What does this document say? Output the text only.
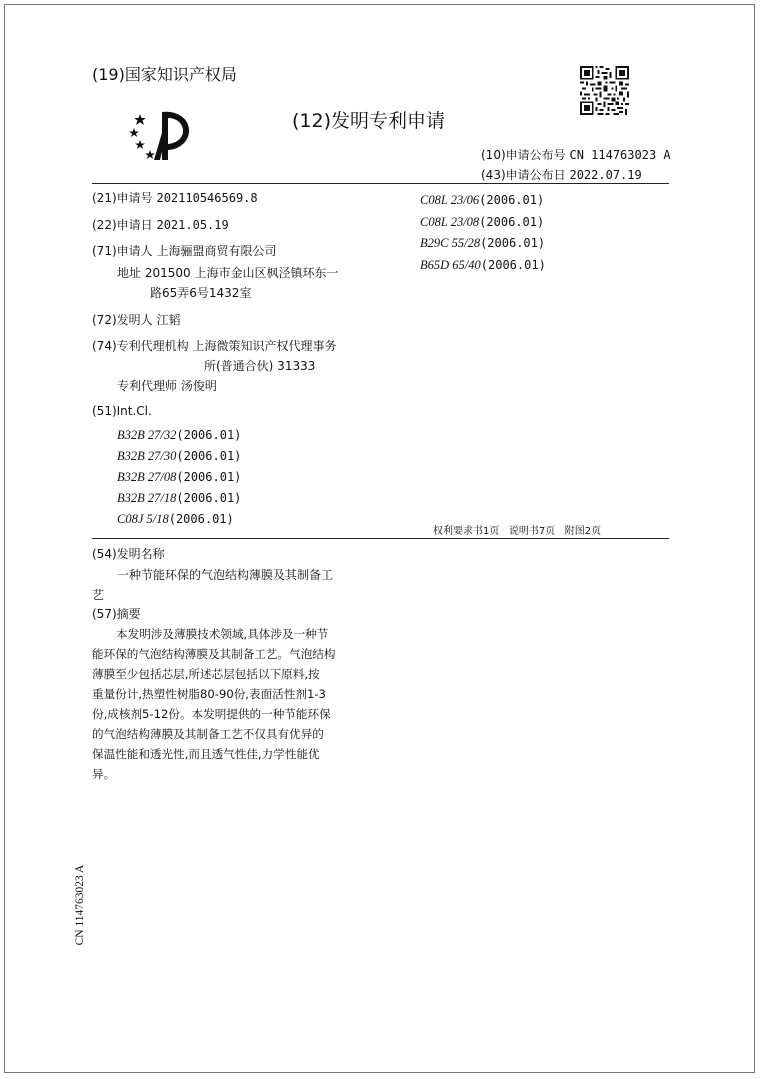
(19)国家知识产权局
(12)发明专利申请
(10)申请公布号 CN 114763023 A
(43)申请公布日 2022.07.19
(21)申请号 202110546569.8
(22)申请日 2021.05.19
(71)申请人 上海骊盟商贸有限公司
地址 201500 上海市金山区枫泾镇环东一
路65弄6号1432室
(72)发明人 江韬
(74)专利代理机构 上海微策知识产权代理事务
所(普通合伙) 31333
专利代理师 汤俊明
(51)Int.Cl.
B32B 27/32(2006.01)
B32B 27/30(2006.01)
B32B 27/08(2006.01)
B32B 27/18(2006.01)
C08J 5/18(2006.01)
C08L 23/06(2006.01)
C08L 23/08(2006.01)
B29C 55/28(2006.01)
B65D 65/40(2006.01)
权利要求书1页   说明书7页   附图2页
(54)发明名称
一种节能环保的气泡结构薄膜及其制备工
艺
(57)摘要
本发明涉及薄膜技术领域,具体涉及一种节
能环保的气泡结构薄膜及其制备工艺。气泡结构
薄膜至少包括芯层,所述芯层包括以下原料,按
重量份计,热塑性树脂80-90份,表面活性剂1-3
份,成核剂5-12份。本发明提供的一种节能环保
的气泡结构薄膜及其制备工艺不仅具有优异的
保温性能和透光性,而且透气性佳,力学性能优
异。
CN 114763023 A
